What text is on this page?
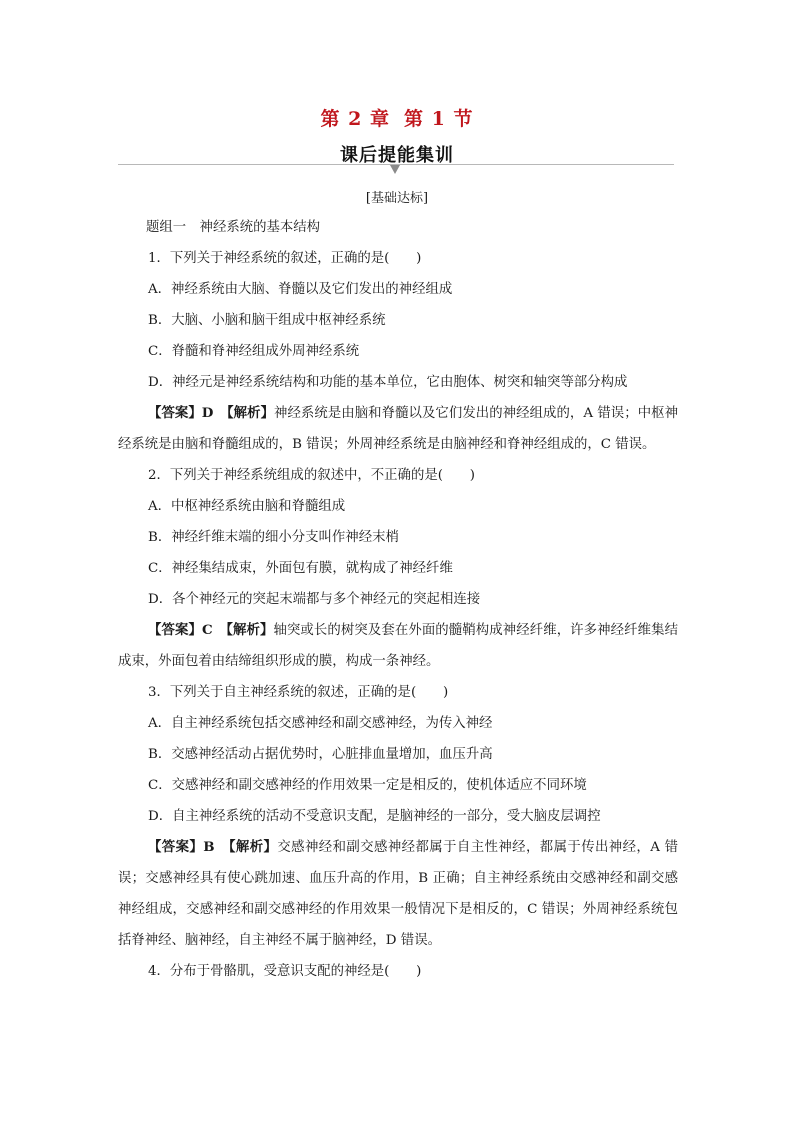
第 2 章 第 1 节
课后提能集训
[基础达标]
题组一　神经系统的基本结构
1．下列关于神经系统的叙述，正确的是(　　)
A．神经系统由大脑、脊髓以及它们发出的神经组成
B．大脑、小脑和脑干组成中枢神经系统
C．脊髓和脊神经组成外周神经系统
D．神经元是神经系统结构和功能的基本单位，它由胞体、树突和轴突等部分构成
【答案】D　【解析】神经系统是由脑和脊髓以及它们发出的神经组成的，A 错误；中枢神经系统是由脑和脊髓组成的，B 错误；外周神经系统是由脑神经和脊神经组成的，C 错误。
2．下列关于神经系统组成的叙述中，不正确的是(　　)
A．中枢神经系统由脑和脊髓组成
B．神经纤维末端的细小分支叫作神经末梢
C．神经集结成束，外面包有膜，就构成了神经纤维
D．各个神经元的突起末端都与多个神经元的突起相连接
【答案】C　【解析】轴突或长的树突及套在外面的髓鞘构成神经纤维，许多神经纤维集结成束，外面包着由结缔组织形成的膜，构成一条神经。
3．下列关于自主神经系统的叙述，正确的是(　　)
A．自主神经系统包括交感神经和副交感神经，为传入神经
B．交感神经活动占据优势时，心脏排血量增加，血压升高
C．交感神经和副交感神经的作用效果一定是相反的，使机体适应不同环境
D．自主神经系统的活动不受意识支配，是脑神经的一部分，受大脑皮层调控
【答案】B　【解析】交感神经和副交感神经都属于自主性神经，都属于传出神经，A 错误；交感神经具有使心跳加速、血压升高的作用，B 正确；自主神经系统由交感神经和副交感神经组成，交感神经和副交感神经的作用效果一般情况下是相反的，C 错误；外周神经系统包括脊神经、脑神经，自主神经不属于脑神经，D 错误。
4．分布于骨骼肌，受意识支配的神经是(　　)
